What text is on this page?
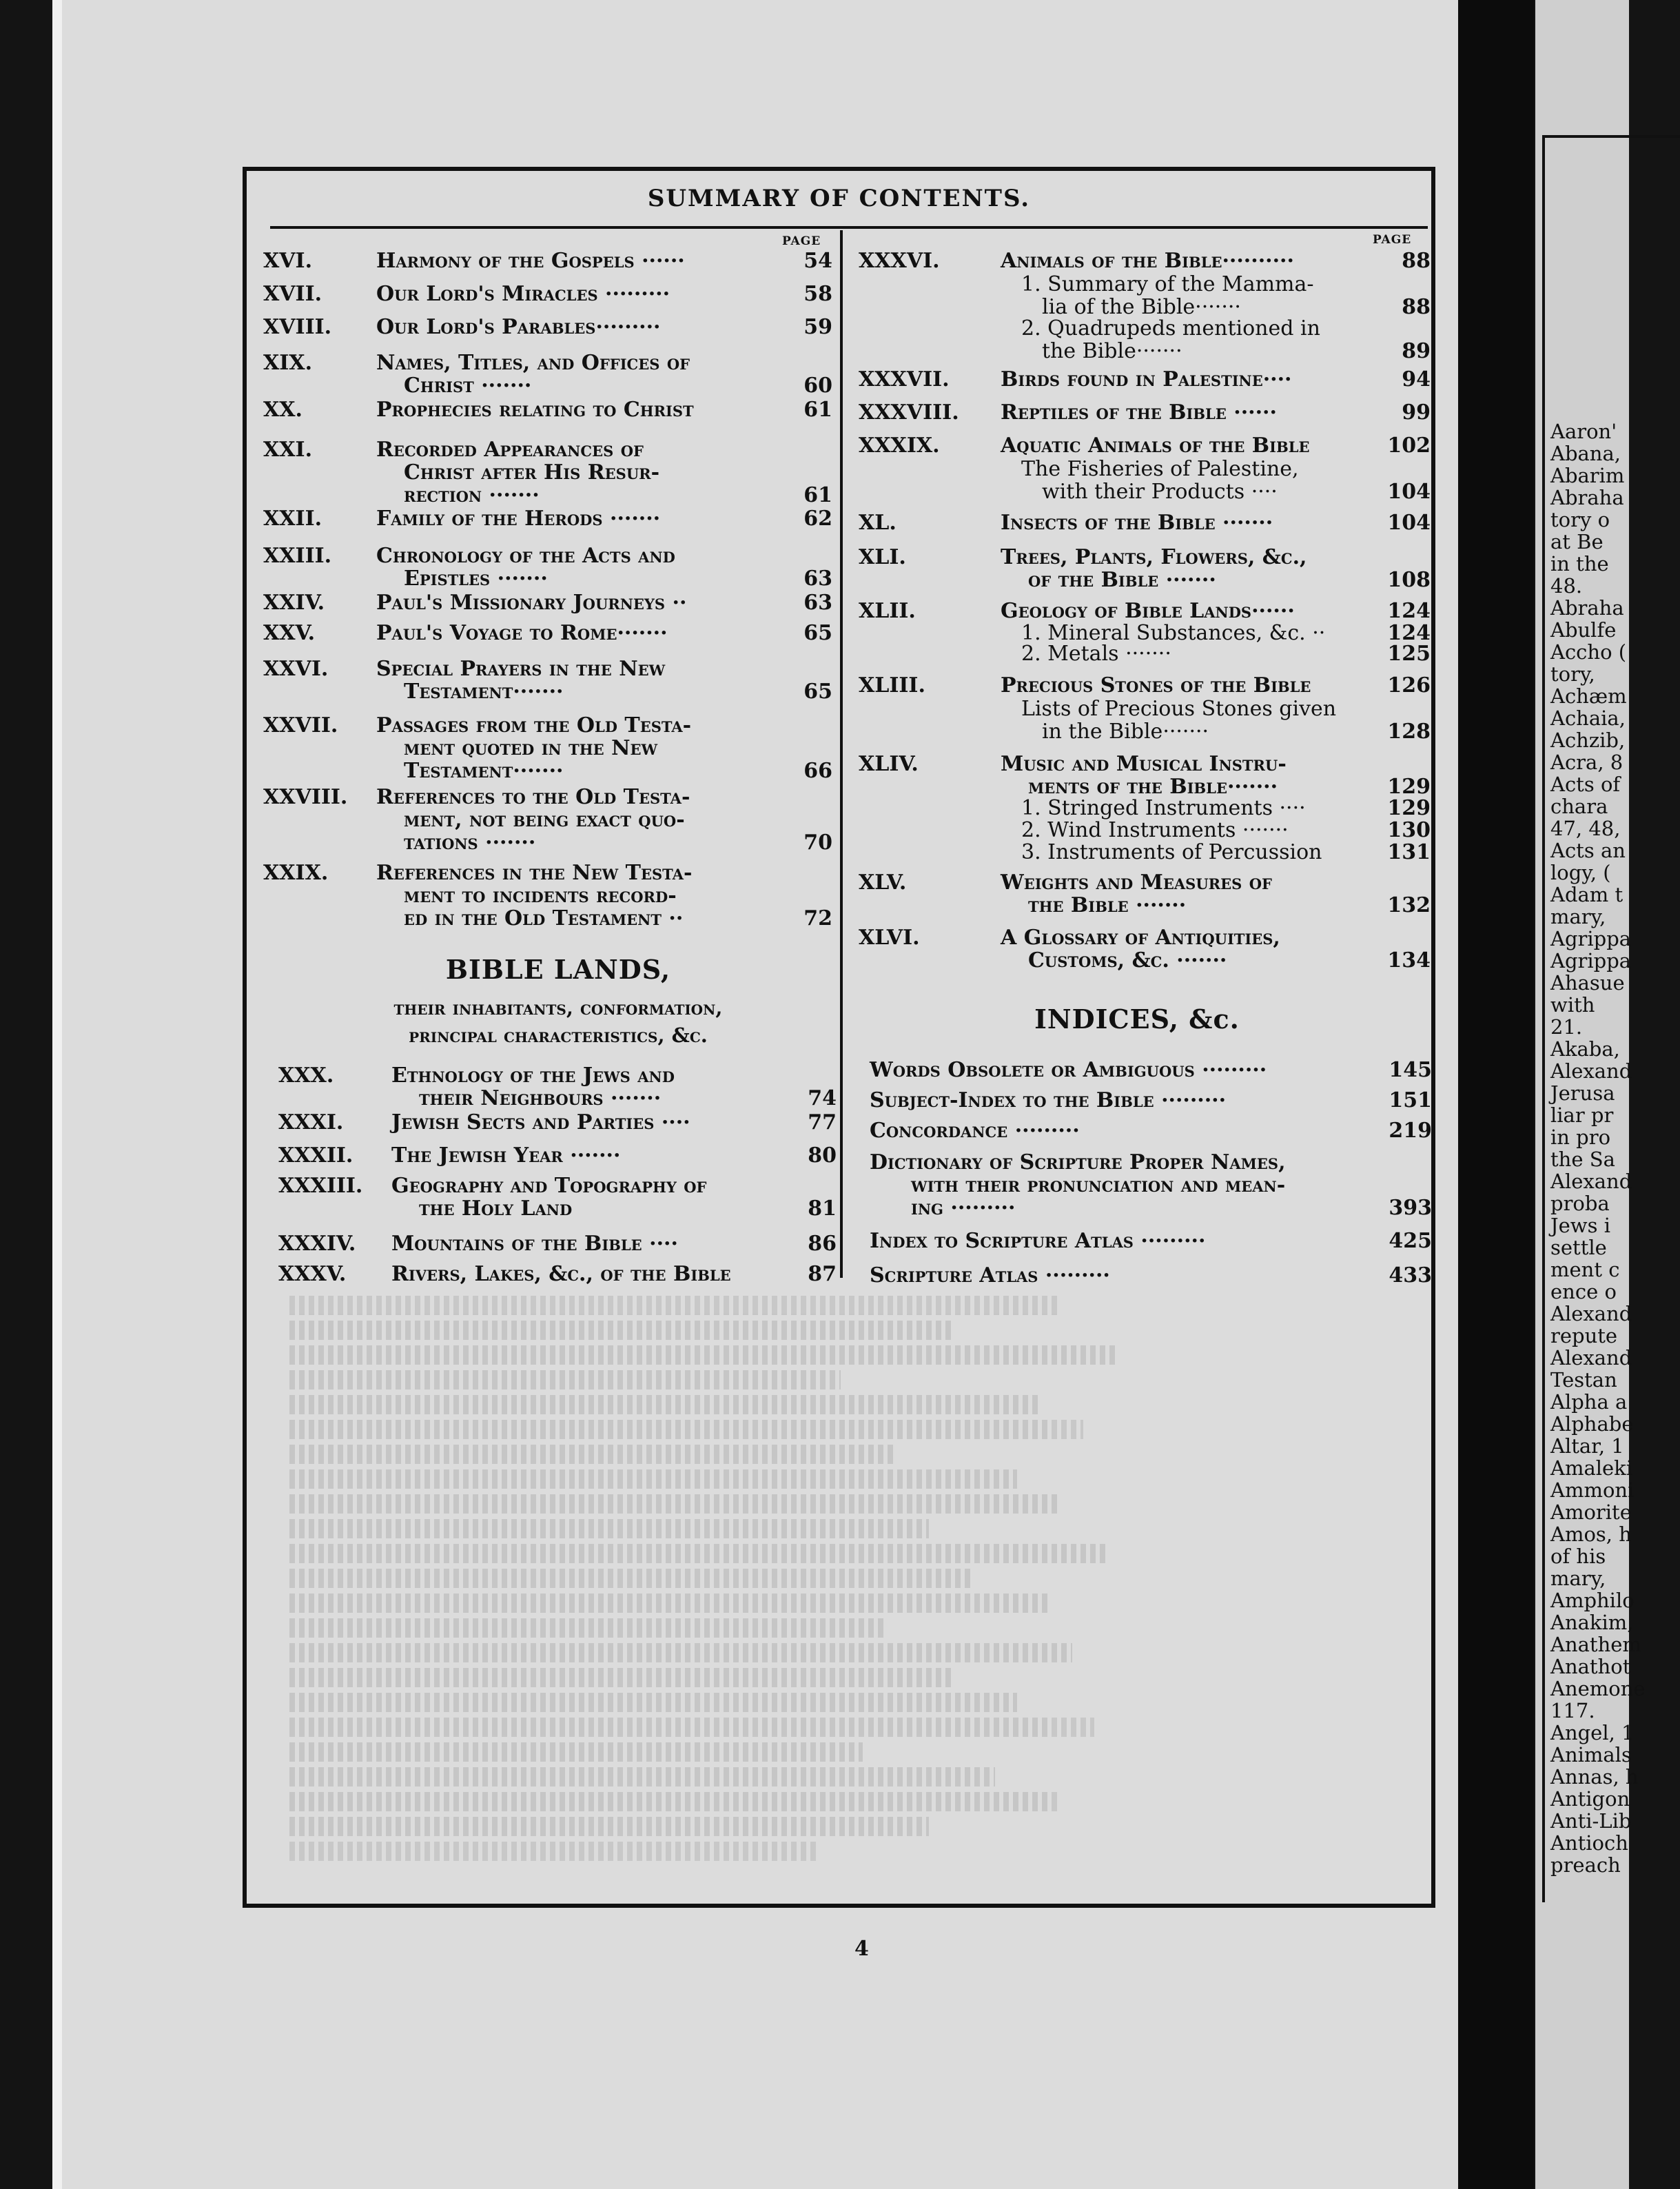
Aaron'
Abana,
Abarim
Abraha
tory o
at Be
in the
48.
Abraha
Abulfe
Accho (
tory,
Achæm
Achaia,
Achzib,
Acra, 8
Acts of
chara
47, 48,
Acts an
logy, (
Adam t
mary,
Agrippa
Agrippa
Ahasue
with
21.
Akaba,
Alexand
Jerusa
liar pr
in pro
the Sa
Alexand
proba
Jews i
settle
ment c
ence o
Alexand
repute
Alexand
Testan
Alpha a
Alphabe
Altar, 1
Amaleki
Ammoni
Amorite
Amos, h
of his
mary,
Amphilo
Anakim,
Anathem
Anathot
Anemone
117.
Angel, 1
Animals
Annas, h
Antigon
Anti-Lib
Antioch
preach
SUMMARY OF CONTENTS.
PAGE	PAGE
XVI.	Harmony of the Gospels ······	54
XVII.	Our Lord's Miracles ·········	58
XVIII.	Our Lord's Parables·········	59
XIX.	Names, Titles, and Offices of
Christ ·······	60
XX.	Prophecies relating to Christ	61
XXI.	Recorded Appearances of
Christ after His Resur-
rection ·······	61
XXII.	Family of the Herods ·······	62
XXIII.	Chronology of the Acts and
Epistles ·······	63
XXIV.	Paul's Missionary Journeys ··	63
XXV.	Paul's Voyage to Rome·······	65
XXVI.	Special Prayers in the New
Testament·······	65
XXVII.	Passages from the Old Testa-
ment quoted in the New
Testament·······	66
XXVIII.	References to the Old Testa-
ment, not being exact quo-
tations ·······	70
XXIX.	References in the New Testa-
ment to incidents record-
ed in the Old Testament ··	72
XXX.	Ethnology of the Jews and
their Neighbours ·······	74
XXXI.	Jewish Sects and Parties ····	77
XXXII.	The Jewish Year ·······	80
XXXIII.	Geography and Topography of
the Holy Land	81
XXXIV.	Mountains of the Bible ····	86
XXXV.	Rivers, Lakes, &c., of the Bible	87
XXXVI.	Animals of the Bible··········	88
1. Summary of the Mamma-
lia of the Bible·······	88
2. Quadrupeds mentioned in
the Bible·······	89
XXXVII.	Birds found in Palestine····	94
XXXVIII.	Reptiles of the Bible ······	99
XXXIX.	Aquatic Animals of the Bible	102
The Fisheries of Palestine,
with their Products ····	104
XL.	Insects of the Bible ·······	104
XLI.	Trees, Plants, Flowers, &c.,
of the Bible ·······	108
XLII.	Geology of Bible Lands······	124
1. Mineral Substances, &c. ··	124
2. Metals ·······	125
XLIII.	Precious Stones of the Bible	126
Lists of Precious Stones given
in the Bible·······	128
XLIV.	Music and Musical Instru-
ments of the Bible·······	129
1. Stringed Instruments ····	129
2. Wind Instruments ·······	130
3. Instruments of Percussion	131
XLV.	Weights and Measures of
the Bible ·······	132
XLVI.	A Glossary of Antiquities,
Customs, &c. ·······	134
BIBLE LANDS,
their inhabitants, conformation,
principal characteristics, &c.
INDICES, &c.
Words Obsolete or Ambiguous ·········	145
Subject-Index to the Bible ·········	151
Concordance ·········	219
Dictionary of Scripture Proper Names,
with their pronunciation and mean-
ing ·········	393
Index to Scripture Atlas ·········	425
Scripture Atlas ·········	433
4
